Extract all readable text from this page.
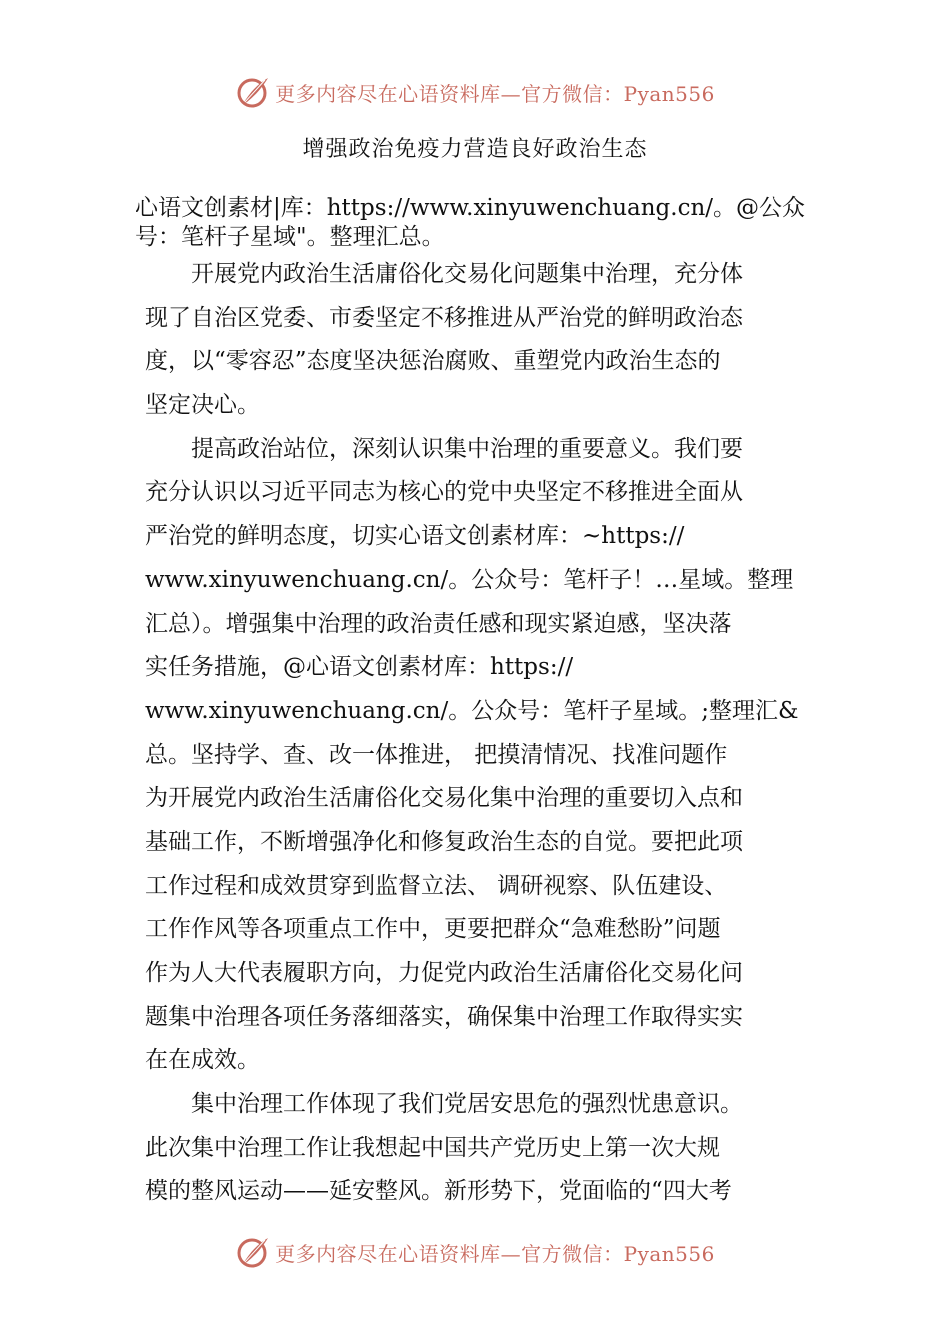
更多内容尽在心语资料库—官方微信：Pyan556
增强政治免疫力营造良好政治生态
心语文创素材|库：https://www.xinyuwenchuang.cn/。@公众
号：笔杆子星域"。整理汇总。
开展党内政治生活庸俗化交易化问题集中治理，充分体
现了自治区党委、市委坚定不移推进从严治党的鲜明政治态
度，以“零容忍”态度坚决惩治腐败、重塑党内政治生态的
坚定决心。
提高政治站位，深刻认识集中治理的重要意义。我们要
充分认识以习近平同志为核心的党中央坚定不移推进全面从
严治党的鲜明态度，切实心语文创素材库：~https://
www.xinyuwenchuang.cn/。公众号：笔杆子！…星域。整理
汇总）。增强集中治理的政治责任感和现实紧迫感，坚决落
实任务措施，@心语文创素材库：https://
www.xinyuwenchuang.cn/。公众号：笔杆子星域。;整理汇&
总。坚持学、查、改一体推进， 把摸清情况、找准问题作
为开展党内政治生活庸俗化交易化集中治理的重要切入点和
基础工作，不断增强净化和修复政治生态的自觉。要把此项
工作过程和成效贯穿到监督立法、 调研视察、队伍建设、
工作作风等各项重点工作中，更要把群众“急难愁盼”问题
作为人大代表履职方向，力促党内政治生活庸俗化交易化问
题集中治理各项任务落细落实，确保集中治理工作取得实实
在在成效。
集中治理工作体现了我们党居安思危的强烈忧患意识。
此次集中治理工作让我想起中国共产党历史上第一次大规
模的整风运动——延安整风。新形势下，党面临的“四大考
更多内容尽在心语资料库—官方微信：Pyan556
